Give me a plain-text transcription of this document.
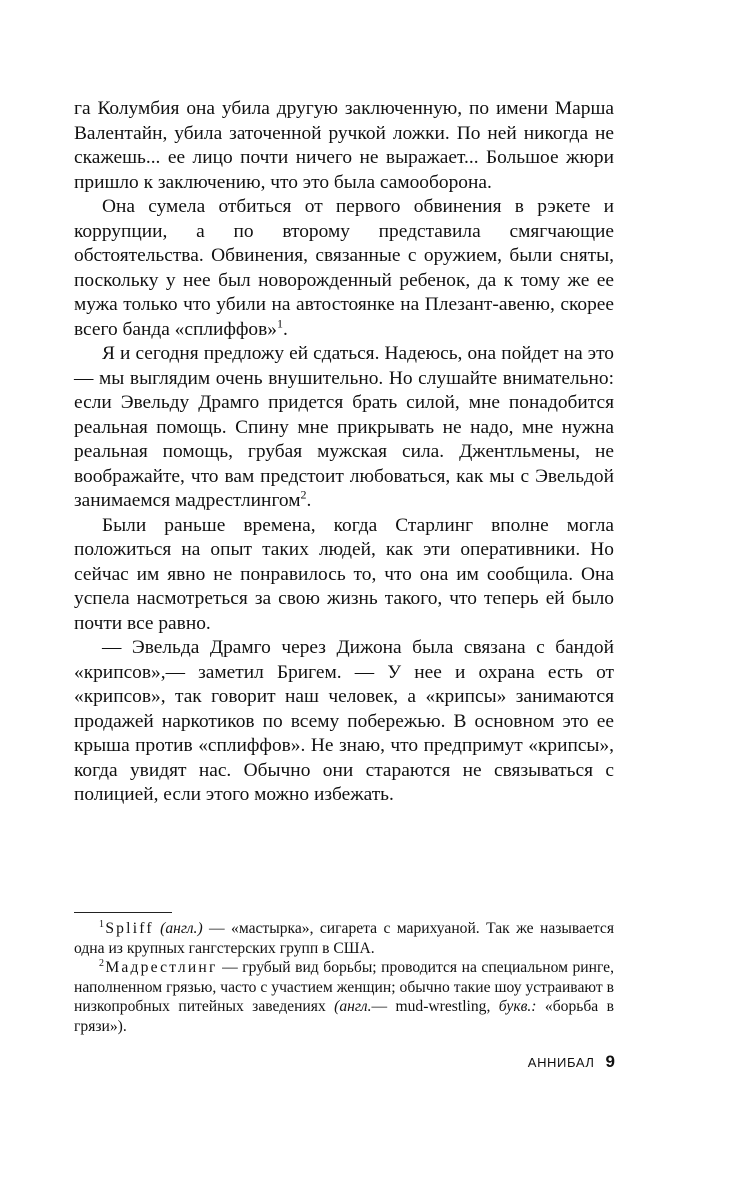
га Колумбия она убила другую заключенную, по имени Марша Валентайн, убила заточенной ручкой ложки. По ней никогда не скажешь... ее лицо почти ничего не выражает... Большое жюри пришло к заключению, что это была самооборона.

Она сумела отбиться от первого обвинения в рэкете и коррупции, а по второму представила смягчающие обстоятельства. Обвинения, связанные с оружием, были сняты, поскольку у нее был новорожденный ребенок, да к тому же ее мужа только что убили на автостоянке на Плезант-авеню, скорее всего банда «сплиффов»$^1$.

Я и сегодня предложу ей сдаться. Надеюсь, она пойдет на это — мы выглядим очень внушительно. Но слушайте внимательно: если Эвельду Драмго придется брать силой, мне понадобится реальная помощь. Спину мне прикрывать не надо, мне нужна реальная помощь, грубая мужская сила. Джентльмены, не воображайте, что вам предстоит любоваться, как мы с Эвельдой занимаемся мадрестлингом$^2$.

Были раньше времена, когда Старлинг вполне могла положиться на опыт таких людей, как эти оперативники. Но сейчас им явно не понравилось то, что она им сообщила. Она успела насмотреться за свою жизнь такого, что теперь ей было почти все равно.

— Эвельда Драмго через Дижона была связана с бандой «крипсов»,— заметил Бригем. — У нее и охрана есть от «крипсов», так говорит наш человек, а «крипсы» занимаются продажей наркотиков по всему побережью. В основном это ее крыша против «сплиффов». Не знаю, что предпримут «крипсы», когда увидят нас. Обычно они стараются не связываться с полицией, если этого можно избежать.

$^1$ Spliff (англ.) — «мастырка», сигарета с марихуаной. Так же называется одна из крупных гангстерских групп в США.

$^2$ Мадрестлинг — грубый вид борьбы; проводится на специальном ринге, наполненном грязью, часто с участием женщин; обычно такие шоу устраивают в низкопробных питейных заведениях (англ.— mud-wrestling, букв.: «борьба в грязи»).

АННИБАЛ 9
